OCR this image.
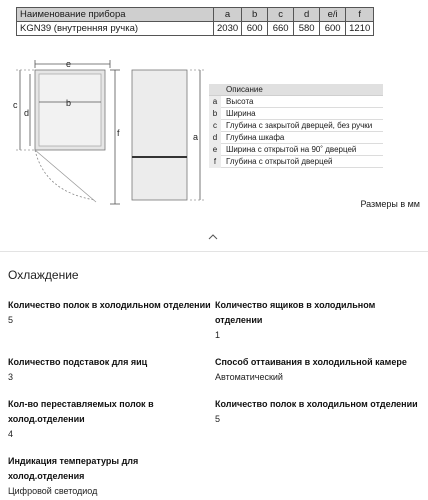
Наименование прибора	a	b	c	d	e/i	f
KGN39 (внутренняя ручка)	2030	600	660	580	600	1210
e
b
c
d
f	a
Описание
a	Высота
b	Ширина
c	Глубина с закрытой дверцей, без ручки
d	Глубина шкафа
e	Ширина с открытой на 90˚ дверцей
f	Глубина с открытой дверцей
Размеры в мм
Охлаждение
Количество полок в холодильном отделении
5
Количество ящиков в холодильном отделении
1
Количество подставок для яиц
3
Способ оттаивания в холодильной камере
Автоматический
Кол-во переставляемых полок в холод.отделении
4
Количество полок в холодильном отделении
5
Индикация температуры для холод.отделения
Цифровой светодиод
